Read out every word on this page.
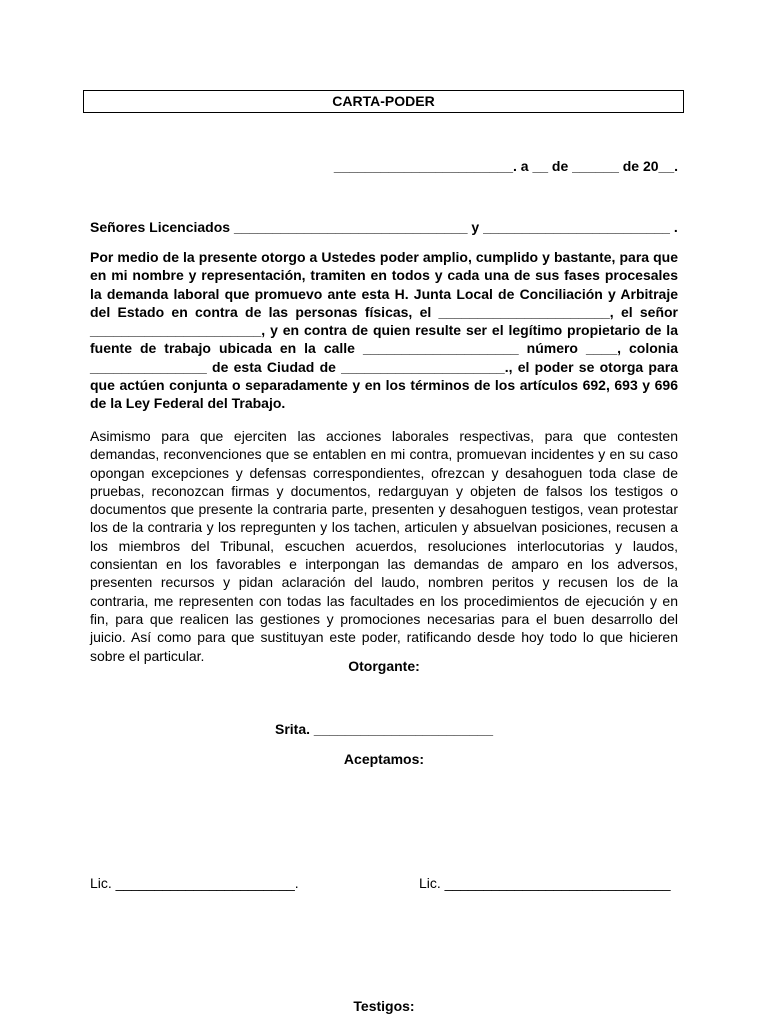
CARTA-PODER
_______________________. a __ de ______ de 20__.
Señores Licenciados ______________________________ y ________________________ .

Por medio de la presente otorgo a Ustedes poder amplio, cumplido y bastante, para que en mi nombre y representación, tramiten en todos y cada una de sus fases procesales la demanda laboral que promuevo ante esta H. Junta Local de Conciliación y Arbitraje del Estado en contra de las personas físicas, el ______________________, el señor ______________________, y en contra de quien resulte ser el legítimo propietario de la fuente de trabajo ubicada en la calle ____________________ número ____, colonia _______________ de esta Ciudad de _____________________., el poder se otorga para que actúen conjunta o separadamente y en los términos de los artículos 692, 693 y 696 de la Ley Federal del Trabajo.

Asimismo para que ejerciten las acciones laborales respectivas, para que contesten demandas, reconvenciones que se entablen en mi contra, promuevan incidentes y en su caso opongan excepciones y defensas correspondientes, ofrezcan y desahoguen toda clase de pruebas, reconozcan firmas y documentos, redarguyan y objeten de falsos los testigos o documentos que presente la contraria parte, presenten y desahoguen testigos, vean protestar los de la contraria y los repregunten y los tachen, articulen y absuelvan posiciones, recusen a los miembros del Tribunal, escuchen acuerdos, resoluciones interlocutorias y laudos, consientan en los favorables e interpongan las demandas de amparo en los adversos, presenten recursos y pidan aclaración del laudo, nombren peritos y recusen los de la contraria, me representen con todas las facultades en los procedimientos de ejecución y en fin, para que realicen las gestiones y promociones necesarias para el buen desarrollo del juicio. Así como para que sustituyan este poder, ratificando desde hoy todo lo que hicieren sobre el particular.

Otorgante:
Srita. _______________________
Aceptamos:
Lic. _______________________.	Lic. _____________________________
Testigos:
